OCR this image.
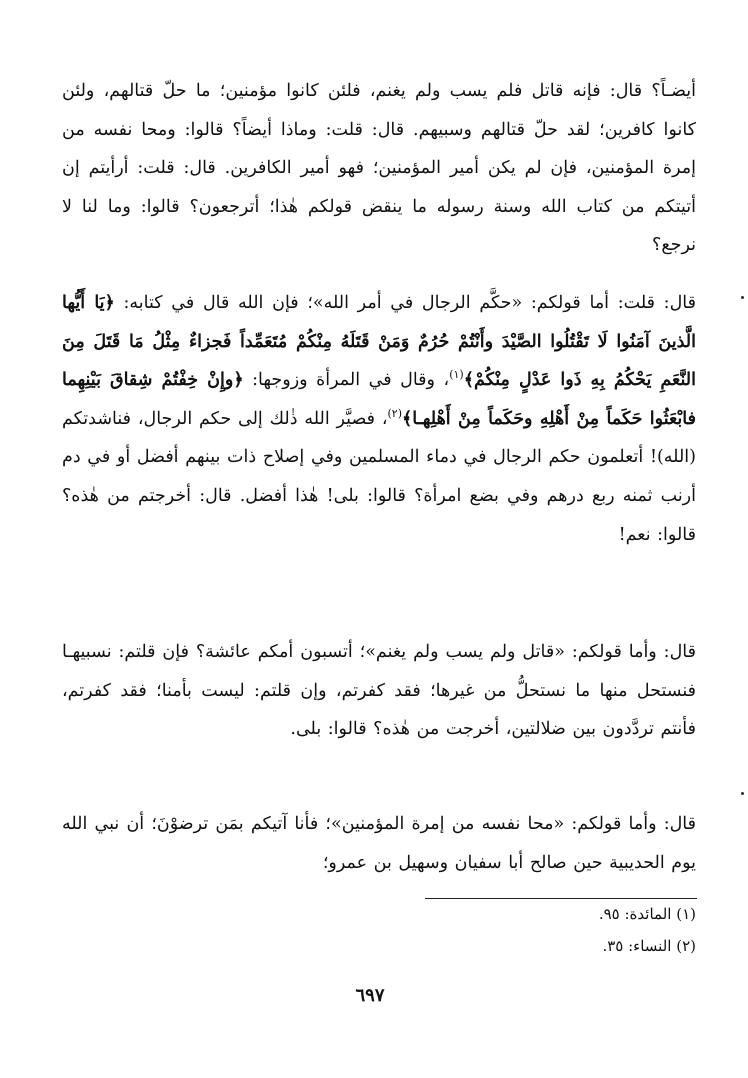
أيضـاً؟ قال: فإنه قاتل فلم يسب ولم يغنم، فلئن كانوا مؤمنين؛ ما حلّ قتالهم، ولئن كانوا كافرين؛ لقد حلّ قتالهم وسبيهم. قال: قلت: وماذا أيضاً؟ قالوا: ومحا نفسه من إمرة المؤمنين، فإن لم يكن أمير المؤمنين؛ فهو أمير الكافرين. قال: قلت: أرأيتم إن أتيتكم من كتاب الله وسنة رسوله ما ينقض قولكم هٰذا؛ أترجعون؟ قالوا: وما لنا لا نرجع؟

قال: قلت: أما قولكم: «حكَّم الرجال في أمر الله»؛ فإن الله قال في كتابه: ﴿يَا أَيُّها الَّذينَ آمَنُوا لَا تَقْتُلُوا الصَّيْدَ وأَنْتُمْ حُرُمٌ وَمَنْ قَتَلَهُ مِنْكُمْ مُتَعَمِّداً فَجزاءٌ مِثْلُ مَا قَتَلَ مِنَ النَّعَمِ يَحْكُمُ بِهِ ذَوا عَدْلٍ مِنْكُمْ﴾$^{(١)}$، وقال في المرأة وزوجها: ﴿وإِنْ خِفْتُمْ شِقاقَ بَيْنِهِما فابْعَثُوا حَكَماً مِنْ أَهْلِهِ وحَكَماً مِنْ أَهْلِهـا﴾$^{(٢)}$، فصيَّر الله ذٰلك إلى حكم الرجال، فناشدتكم (الله)! أتعلمون حكم الرجال في دماء المسلمين وفي إصلاح ذات بينهم أفضل أو في دم أرنب ثمنه ربع درهم وفي بضع امرأة؟ قالوا: بلى! هٰذا أفضل. قال: أخرجتم من هٰذه؟ قالوا: نعم!

قال: وأما قولكم: «قاتل ولم يسب ولم يغنم»؛ أتسبون أمكم عائشة؟ فإن قلتم: نسبيهـا فنستحل منها ما نستحلُّ من غيرها؛ فقد كفرتم، وإن قلتم: ليست بأمنا؛ فقد كفرتم، فأنتم تردَّدون بين ضلالتين، أخرجت من هٰذه؟ قالوا: بلى.

قال: وأما قولكم: «محا نفسه من إمرة المؤمنين»؛ فأنا آتيكم بمَن ترضوْنَ؛ أن نبي الله يوم الحديبية حين صالح أبا سفيان وسهيل بن عمرو؛

(١) المائدة: ٩٥.
(٢) النساء: ٣٥.
٦٩٧
